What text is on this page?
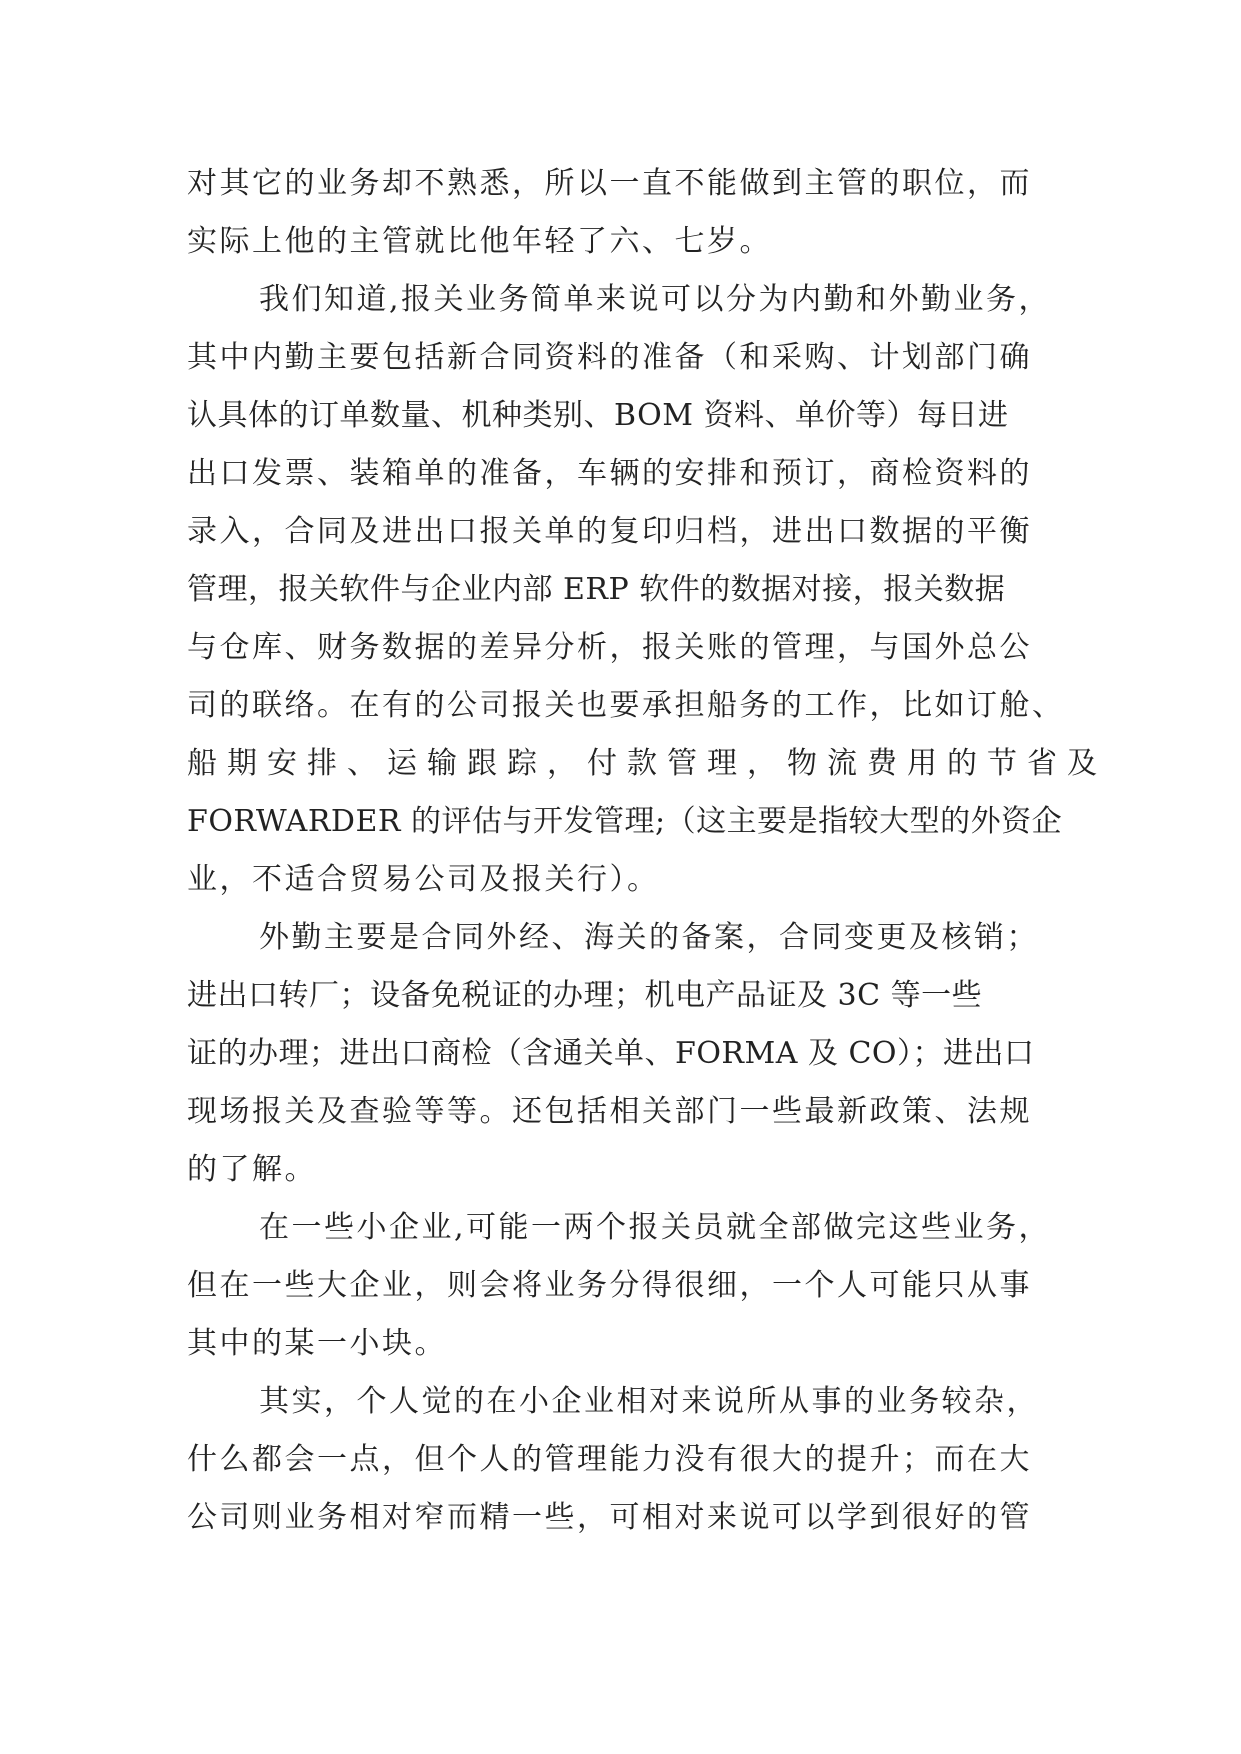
对其它的业务却不熟悉，所以一直不能做到主管的职位，而
实际上他的主管就比他年轻了六、七岁。
我们知道,报关业务简单来说可以分为内勤和外勤业务，
其中内勤主要包括新合同资料的准备（和采购、计划部门确
认具体的订单数量、机种类别、BOM 资料、单价等）每日进
出口发票、装箱单的准备，车辆的安排和预订，商检资料的
录入，合同及进出口报关单的复印归档，进出口数据的平衡
管理，报关软件与企业内部 ERP 软件的数据对接，报关数据
与仓库、财务数据的差异分析，报关账的管理，与国外总公
司的联络。在有的公司报关也要承担船务的工作，比如订舱、
船期安排、运输跟踪，付款管理，物流费用的节省及
FORWARDER 的评估与开发管理;（这主要是指较大型的外资企
业，不适合贸易公司及报关行）。
外勤主要是合同外经、海关的备案，合同变更及核销；
进出口转厂；设备免税证的办理；机电产品证及 3C 等一些
证的办理；进出口商检（含通关单、FORMA 及 CO）；进出口
现场报关及查验等等。还包括相关部门一些最新政策、法规
的了解。
在一些小企业,可能一两个报关员就全部做完这些业务，
但在一些大企业，则会将业务分得很细，一个人可能只从事
其中的某一小块。
其实，个人觉的在小企业相对来说所从事的业务较杂，
什么都会一点，但个人的管理能力没有很大的提升；而在大
公司则业务相对窄而精一些，可相对来说可以学到很好的管
